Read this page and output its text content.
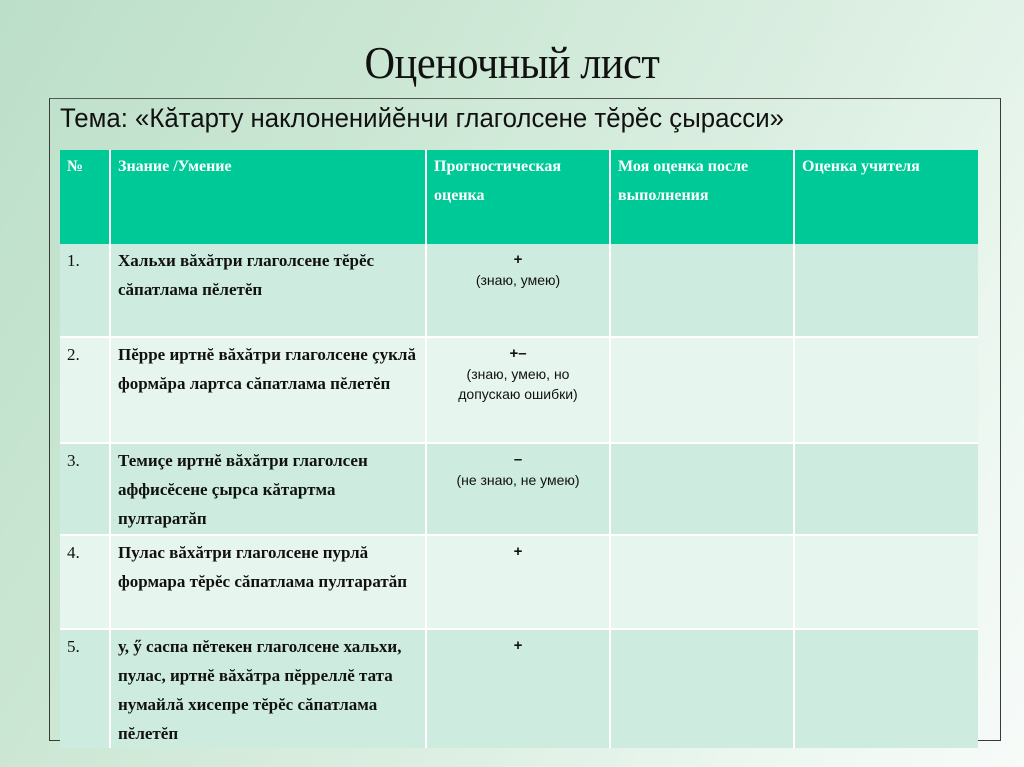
Оценочный лист
Тема: «Кăтарту наклоненийĕнчи глаголсене тĕрĕс çырасси»
№	Знание /Умение	Прогностическая оценка	Моя оценка после выполнения	Оценка учителя
1.	Хальхи вăхăтри глаголсене тĕрĕс сăпатлама пĕлетĕп	+
(знаю, умею)		

2.	Пĕрре иртнĕ вăхăтри глаголсене çуклă формăра лартса сăпатлама пĕлетĕп	+–
(знаю, умею, но допускаю ошибки)		

3.	Темиçе иртнĕ вăхăтри глаголсен аффисĕсене çырса кăтартма пултаратăп	–
(не знаю, не умею)		

4.	Пулас вăхăтри глаголсене пурлă формара тĕрĕс сăпатлама пултаратăп	+		

5.	у, ӳ саспа пĕтекен глаголсене хальхи, пулас, иртнĕ вăхăтра пĕрреллĕ тата нумайлă хисепре тĕрĕс сăпатлама пĕлетĕп	+		
